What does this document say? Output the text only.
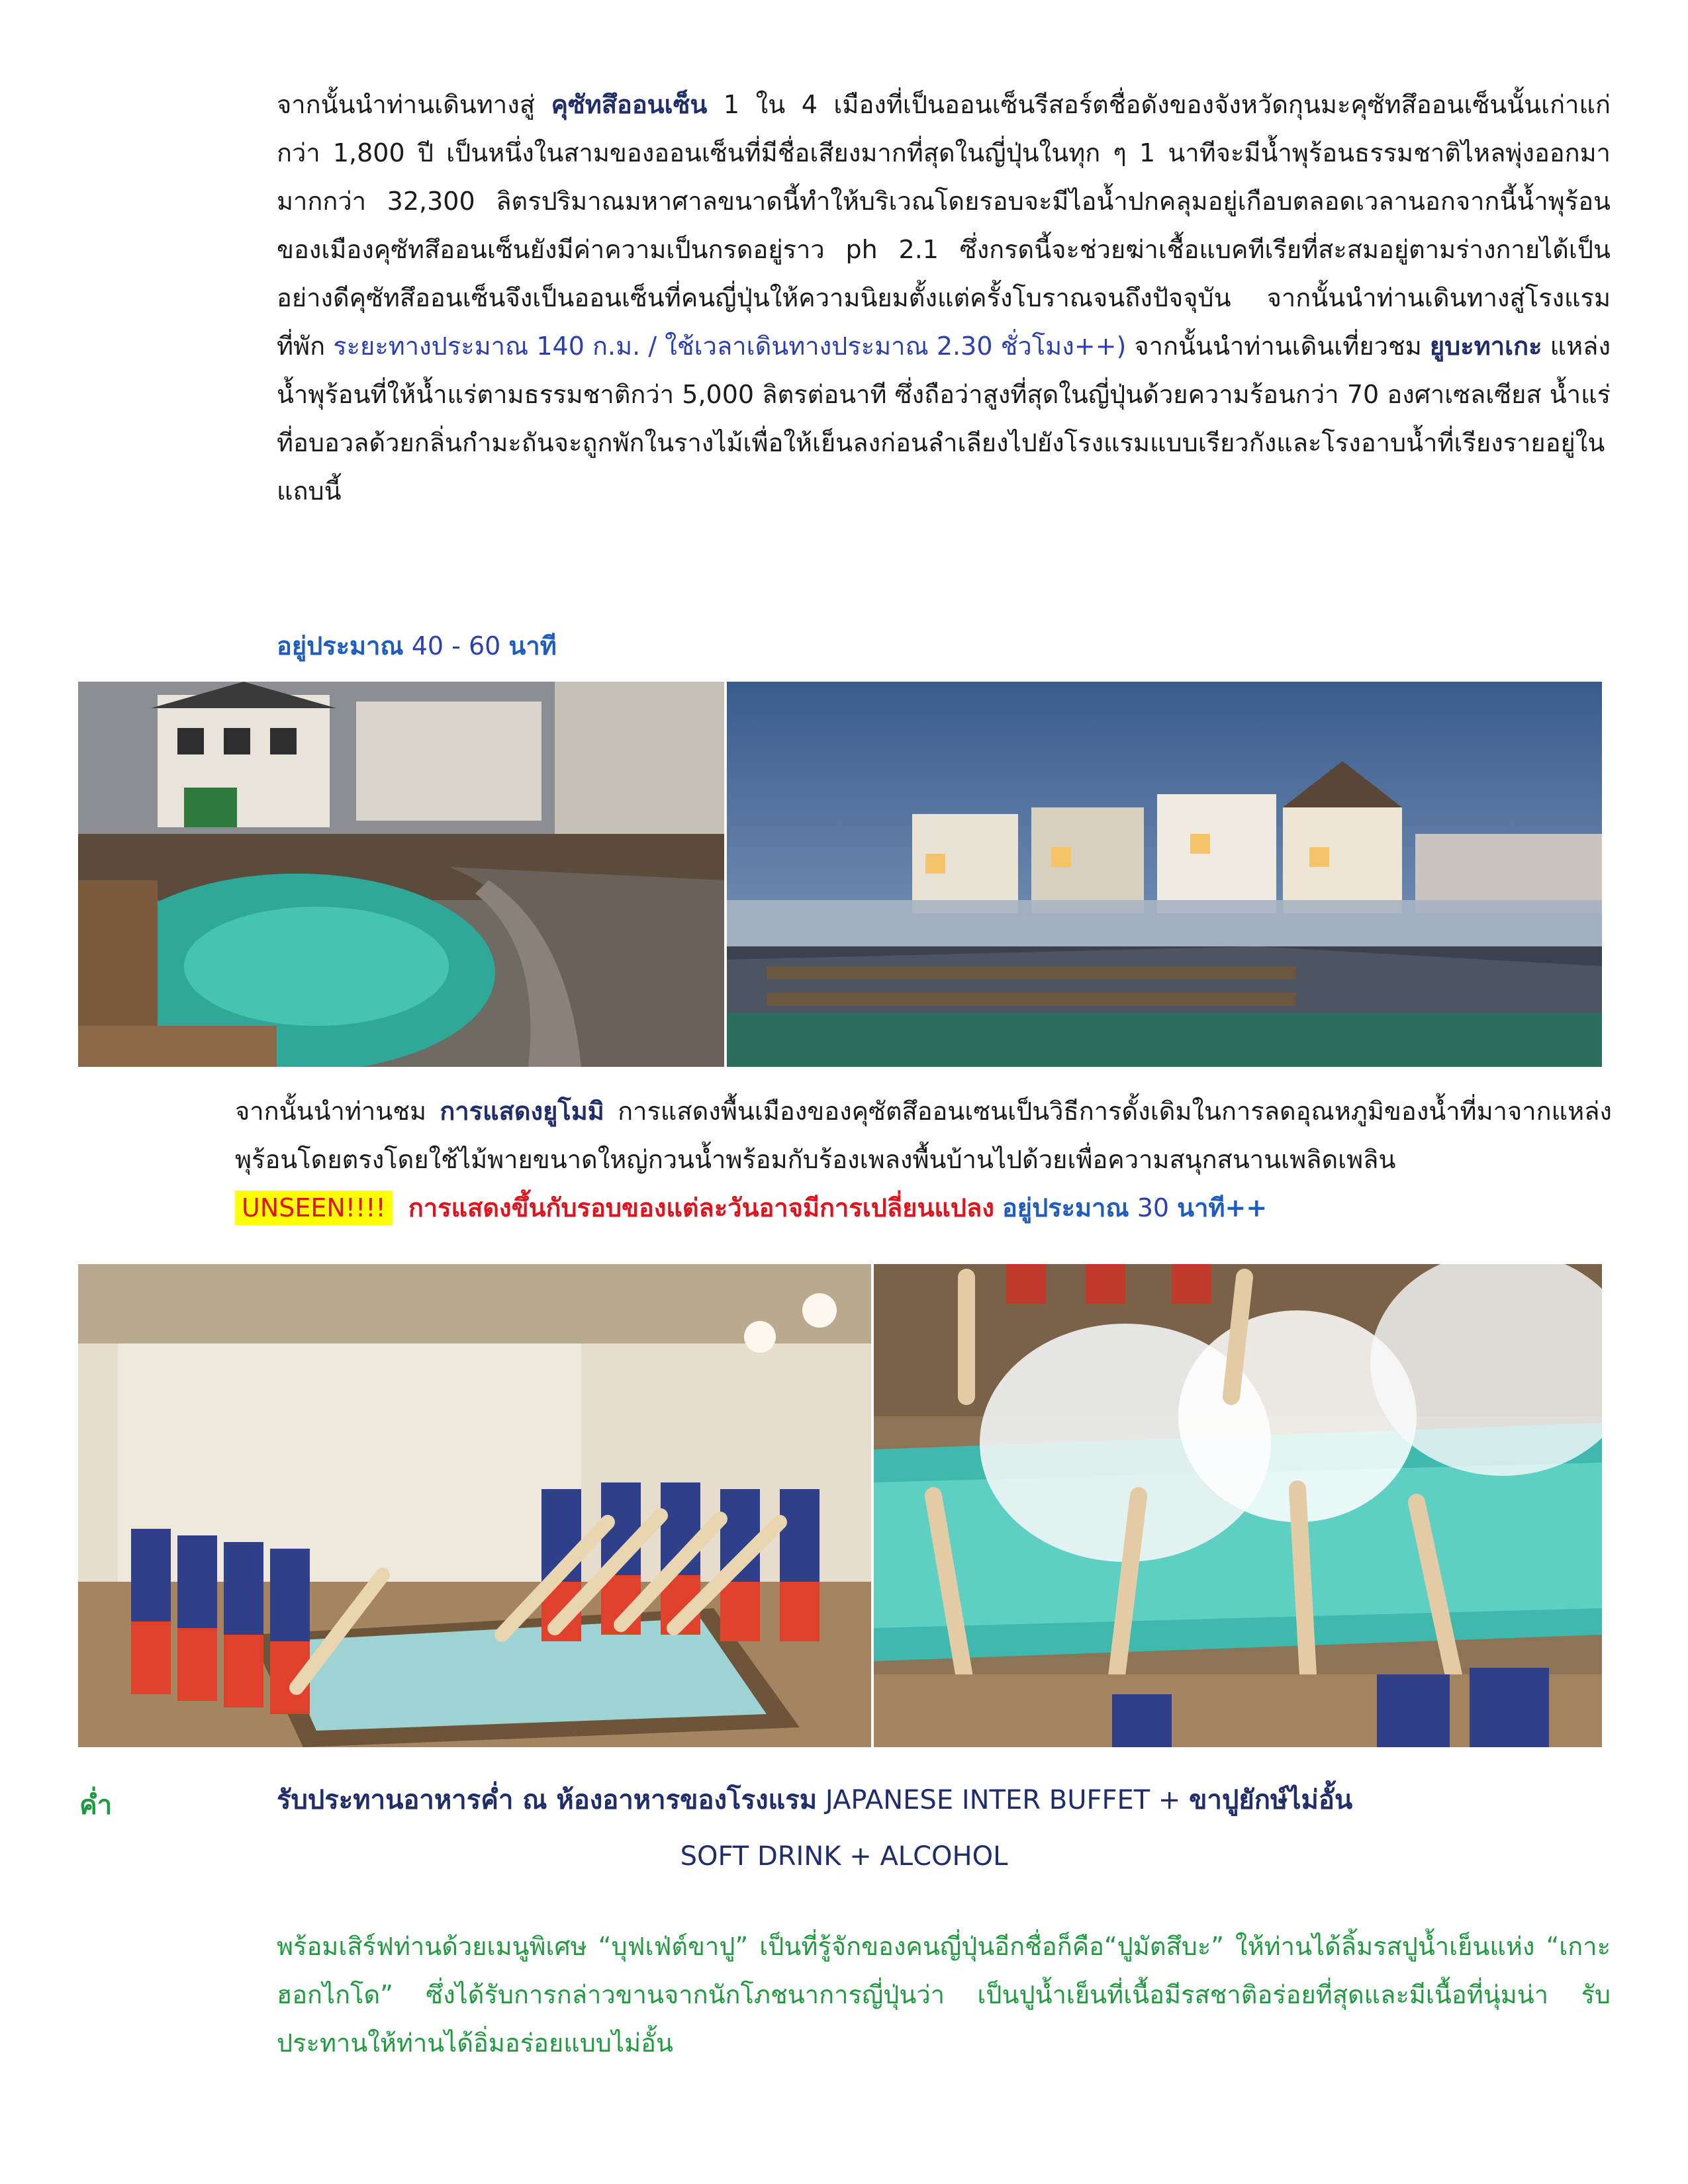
จากนั้นนำท่านเดินทางสู่ คุซัทสึออนเซ็น 1 ใน 4 เมืองที่เป็นออนเซ็นรีสอร์ตชื่อดังของจังหวัดกุนมะคุซัทสึออนเซ็นนั้นเก่าแก่กว่า 1,800 ปี เป็นหนึ่งในสามของออนเซ็นที่มีชื่อเสียงมากที่สุดในญี่ปุ่นในทุก ๆ 1 นาทีจะมีน้ำพุร้อนธรรมชาติไหลพุ่งออกมามากกว่า 32,300 ลิตรปริมาณมหาศาลขนาดนี้ทำให้บริเวณโดยรอบจะมีไอน้ำปกคลุมอยู่เกือบตลอดเวลานอกจากนี้น้ำพุร้อนของเมืองคุซัทสึออนเซ็นยังมีค่าความเป็นกรดอยู่ราว ph 2.1 ซึ่งกรดนี้จะช่วยฆ่าเชื้อแบคทีเรียที่สะสมอยู่ตามร่างกายได้เป็นอย่างดีคุซัทสึออนเซ็นจึงเป็นออนเซ็นที่คนญี่ปุ่นให้ความนิยมตั้งแต่ครั้งโบราณจนถึงปัจจุบัน จากนั้นนำท่านเดินทางสู่โรงแรมที่พัก ระยะทางประมาณ 140 ก.ม. / ใช้เวลาเดินทางประมาณ 2.30 ชั่วโมง++) จากนั้นนำท่านเดินเที่ยวชม ยูบะทาเกะ แหล่งน้ำพุร้อนที่ให้น้ำแร่ตามธรรมชาติกว่า 5,000 ลิตรต่อนาที ซึ่งถือว่าสูงที่สุดในญี่ปุ่นด้วยความร้อนกว่า 70 องศาเซลเซียส น้ำแร่ที่อบอวลด้วยกลิ่นกำมะถันจะถูกพักในรางไม้เพื่อให้เย็นลงก่อนลำเลียงไปยังโรงแรมแบบเรียวกังและโรงอาบน้ำที่เรียงรายอยู่ในแถบนี้
อยู่ประมาณ 40 - 60 นาที
จากนั้นนำท่านชม การแสดงยูโมมิ การแสดงพื้นเมืองของคุซัตสึออนเซนเป็นวิธีการดั้งเดิมในการลดอุณหภูมิของน้ำที่มาจากแหล่งพุร้อนโดยตรงโดยใช้ไม้พายขนาดใหญ่กวนน้ำพร้อมกับร้องเพลงพื้นบ้านไปด้วยเพื่อความสนุกสนานเพลิดเพลิน UNSEEN!!!! การแสดงขึ้นกับรอบของแต่ละวันอาจมีการเปลี่ยนแปลง อยู่ประมาณ 30 นาที++
ค่ำ	รับประทานอาหารค่ำ ณ ห้องอาหารของโรงแรม JAPANESE INTER BUFFET + ขาปูยักษ์ไม่อั้น
SOFT DRINK + ALCOHOL
พร้อมเสิร์ฟท่านด้วยเมนูพิเศษ “บุฟเฟ่ต์ขาปู” เป็นที่รู้จักของคนญี่ปุ่นอีกชื่อก็คือ“ปูมัตสึบะ” ให้ท่านได้ลิ้มรสปูน้ำเย็นแห่ง “เกาะฮอกไกโด” ซึ่งได้รับการกล่าวขานจากนักโภชนาการญี่ปุ่นว่า เป็นปูน้ำเย็นที่เนื้อมีรสชาติอร่อยที่สุดและมีเนื้อที่นุ่มน่า รับประทานให้ท่านได้อิ่มอร่อยแบบไม่อั้น
